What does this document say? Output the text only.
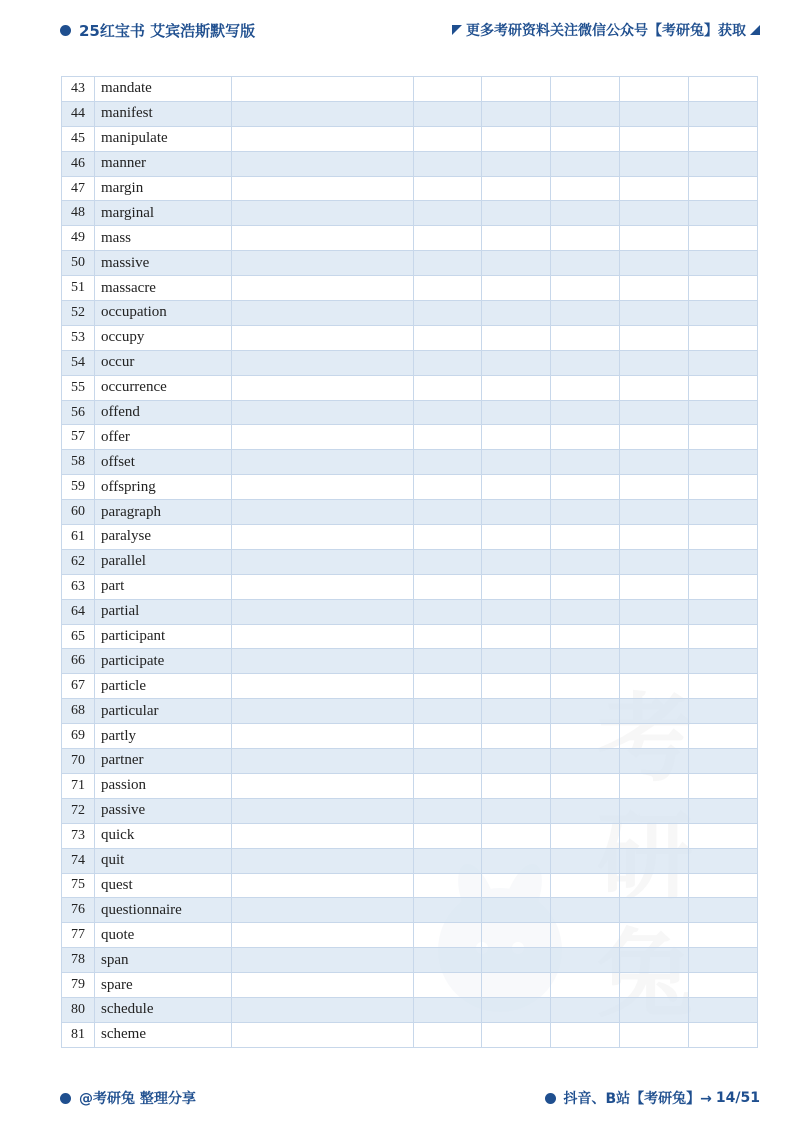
25红宝书 艾宾浩斯默写版	更多考研资料关注微信公众号【考研兔】获取
43	mandate						
44	manifest						
45	manipulate						
46	manner						
47	margin						
48	marginal						
49	mass						
50	massive						
51	massacre						
52	occupation						
53	occupy						
54	occur						
55	occurrence						
56	offend						
57	offer						
58	offset						
59	offspring						
60	paragraph						
61	paralyse						
62	parallel						
63	part						
64	partial						
65	participant						
66	participate						
67	particle						
68	particular						
69	partly						
70	partner						
71	passion						
72	passive						
73	quick						
74	quit						
75	quest						
76	questionnaire						
77	quote						
78	span						
79	spare						
80	schedule						
81	scheme						
@考研兔 整理分享	抖音、B站【考研兔】→ 14/51
